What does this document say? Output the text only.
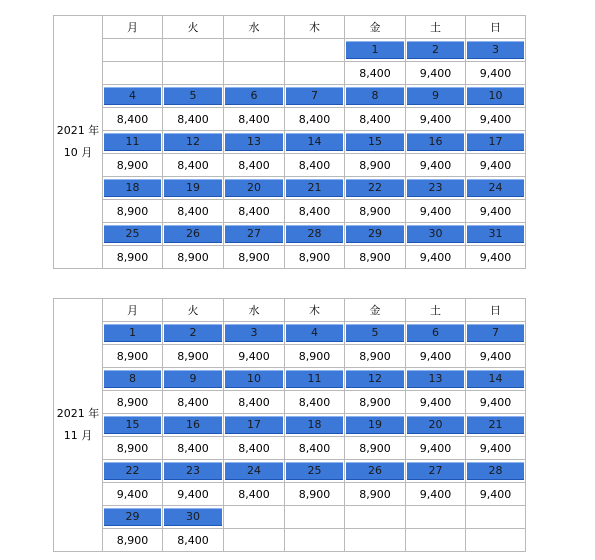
2021 年
10 月	月	火	水	木	金	土	日

					1	2	3

					8,400	9,400	9,400

	4	5	6	7	8	9	10

	8,400	8,400	8,400	8,400	8,400	9,400	9,400

	11	12	13	14	15	16	17

	8,900	8,400	8,400	8,400	8,900	9,400	9,400

	18	19	20	21	22	23	24

	8,900	8,400	8,400	8,400	8,900	9,400	9,400

	25	26	27	28	29	30	31

	8,900	8,900	8,900	8,900	8,900	9,400	9,400
2021 年
11 月	月	火	水	木	金	土	日

	1	2	3	4	5	6	7

	8,900	8,900	9,400	8,900	8,900	9,400	9,400

	8	9	10	11	12	13	14

	8,900	8,400	8,400	8,400	8,900	9,400	9,400

	15	16	17	18	19	20	21

	8,900	8,400	8,400	8,400	8,900	9,400	9,400

	22	23	24	25	26	27	28

	9,400	9,400	8,400	8,900	8,900	9,400	9,400

	29	30					

	8,900	8,400					
